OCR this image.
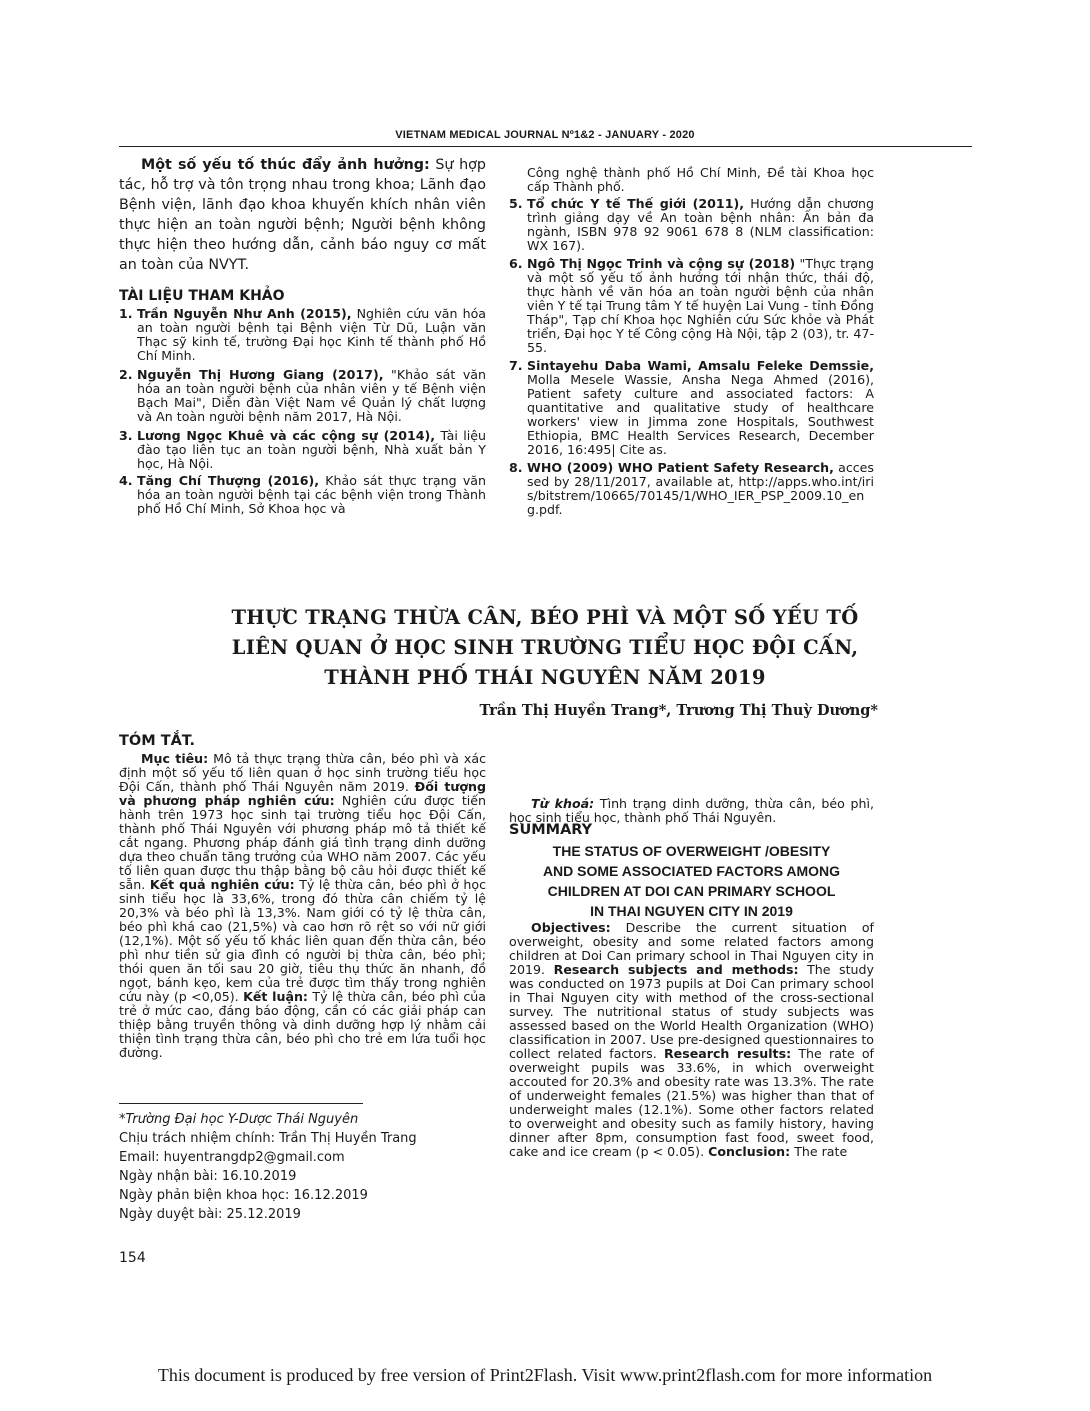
VIETNAM MEDICAL JOURNAL Nº1&2 - JANUARY - 2020

Một số yếu tố thúc đẩy ảnh hưởng: Sự hợp tác, hỗ trợ và tôn trọng nhau trong khoa; Lãnh đạo Bệnh viện, lãnh đạo khoa khuyến khích nhân viên thực hiện an toàn người bệnh; Người bệnh không thực hiện theo hướng dẫn, cảnh báo nguy cơ mất an toàn của NVYT.

TÀI LIỆU THAM KHẢO
1. Trần Nguyễn Như Anh (2015), Nghiên cứu văn hóa an toàn người bệnh tại Bệnh viện Từ Dũ, Luận văn Thạc sỹ kinh tế, trường Đại học Kinh tế thành phố Hồ Chí Minh.
2. Nguyễn Thị Hương Giang (2017), "Khảo sát văn hóa an toàn người bệnh của nhân viên y tế Bệnh viện Bạch Mai", Diễn đàn Việt Nam về Quản lý chất lượng và An toàn người bệnh năm 2017, Hà Nội.
3. Lương Ngọc Khuê và các cộng sự (2014), Tài liệu đào tạo liên tục an toàn người bệnh, Nhà xuất bản Y học, Hà Nội.
4. Tăng Chí Thượng (2016), Khảo sát thực trạng văn hóa an toàn người bệnh tại các bệnh viện trong Thành phố Hồ Chí Minh, Sở Khoa học và
Công nghệ thành phố Hồ Chí Minh, Đề tài Khoa học cấp Thành phố.
5. Tổ chức Y tế Thế giới (2011), Hướng dẫn chương trình giảng dạy về An toàn bệnh nhân: Ấn bản đa ngành, ISBN 978 92 9061 678 8 (NLM classification: WX 167).
6. Ngô Thị Ngọc Trinh và cộng sự (2018) "Thực trạng và một số yếu tố ảnh hưởng tới nhận thức, thái độ, thực hành về văn hóa an toàn người bệnh của nhân viên Y tế tại Trung tâm Y tế huyện Lai Vung - tỉnh Đồng Tháp", Tạp chí Khoa học Nghiên cứu Sức khỏe và Phát triển, Đại học Y tế Công cộng Hà Nội, tập 2 (03), tr. 47- 55.
7. Sintayehu Daba Wami, Amsalu Feleke Demssie, Molla Mesele Wassie, Ansha Nega Ahmed (2016), Patient safety culture and associated factors: A quantitative and qualitative study of healthcare workers' view in Jimma zone Hospitals, Southwest Ethiopia, BMC Health Services Research, December 2016, 16:495| Cite as.
8. WHO (2009) WHO Patient Safety Research, accessed by 28/11/2017, available at, http://apps.who.int/iris/bitstrem/10665/70145/1/WHO_IER_PSP_2009.10_eng.pdf.
THỰC TRẠNG THỪA CÂN, BÉO PHÌ VÀ MỘT SỐ YẾU TỐ
LIÊN QUAN Ở HỌC SINH TRƯỜNG TIỂU HỌC ĐỘI CẤN,
THÀNH PHỐ THÁI NGUYÊN NĂM 2019
Trần Thị Huyền Trang*, Trương Thị Thuỳ Dương*
TÓM TẮT.

Mục tiêu: Mô tả thực trạng thừa cân, béo phì và xác định một số yếu tố liên quan ở học sinh trường tiểu học Đội Cấn, thành phố Thái Nguyên năm 2019. Đối tượng và phương pháp nghiên cứu: Nghiên cứu được tiến hành trên 1973 học sinh tại trường tiểu học Đội Cấn, thành phố Thái Nguyên với phương pháp mô tả thiết kế cắt ngang. Phương pháp đánh giá tình trạng dinh dưỡng dựa theo chuẩn tăng trưởng của WHO năm 2007. Các yếu tố liên quan được thu thập bằng bộ câu hỏi được thiết kế sẵn. Kết quả nghiên cứu: Tỷ lệ thừa cân, béo phì ở học sinh tiểu học là 33,6%, trong đó thừa cân chiếm tỷ lệ 20,3% và béo phì là 13,3%. Nam giới có tỷ lệ thừa cân, béo phì khá cao (21,5%) và cao hơn rõ rệt so với nữ giới (12,1%). Một số yếu tố khác liên quan đến thừa cân, béo phì như tiền sử gia đình có người bị thừa cân, béo phì; thói quen ăn tối sau 20 giờ, tiêu thụ thức ăn nhanh, đồ ngọt, bánh kẹo, kem của trẻ được tìm thấy trong nghiên cứu này (p <0,05). Kết luận: Tỷ lệ thừa cân, béo phì của trẻ ở mức cao, đáng báo động, cần có các giải pháp can thiệp bằng truyền thông và dinh dưỡng hợp lý nhằm cải thiện tình trạng thừa cân, béo phì cho trẻ em lứa tuổi học đường.

Từ khoá: Tình trạng dinh dưỡng, thừa cân, béo phì, học sinh tiểu học, thành phố Thái Nguyên.

SUMMARY
THE STATUS OF OVERWEIGHT /OBESITY
AND SOME ASSOCIATED FACTORS AMONG
CHILDREN AT DOI CAN PRIMARY SCHOOL
IN THAI NGUYEN CITY IN 2019

Objectives: Describe the current situation of overweight, obesity and some related factors among children at Doi Can primary school in Thai Nguyen city in 2019. Research subjects and methods: The study was conducted on 1973 pupils at Doi Can primary school in Thai Nguyen city with method of the cross-sectional survey. The nutritional status of study subjects was assessed based on the World Health Organization (WHO) classification in 2007. Use pre-designed questionnaires to collect related factors. Research results: The rate of overweight pupils was 33.6%, in which overweight accouted for 20.3% and obesity rate was 13.3%. The rate of underweight females (21.5%) was higher than that of underweight males (12.1%). Some other factors related to overweight and obesity such as family history, having dinner after 8pm, consumption fast food, sweet food, cake and ice cream (p < 0.05). Conclusion: The rate

*Trường Đại học Y-Dược Thái Nguyên
Chịu trách nhiệm chính: Trần Thị Huyền Trang
Email: huyentrangdp2@gmail.com
Ngày nhận bài: 16.10.2019
Ngày phản biện khoa học: 16.12.2019
Ngày duyệt bài: 25.12.2019
154
This document is produced by free version of Print2Flash. Visit www.print2flash.com for more information
